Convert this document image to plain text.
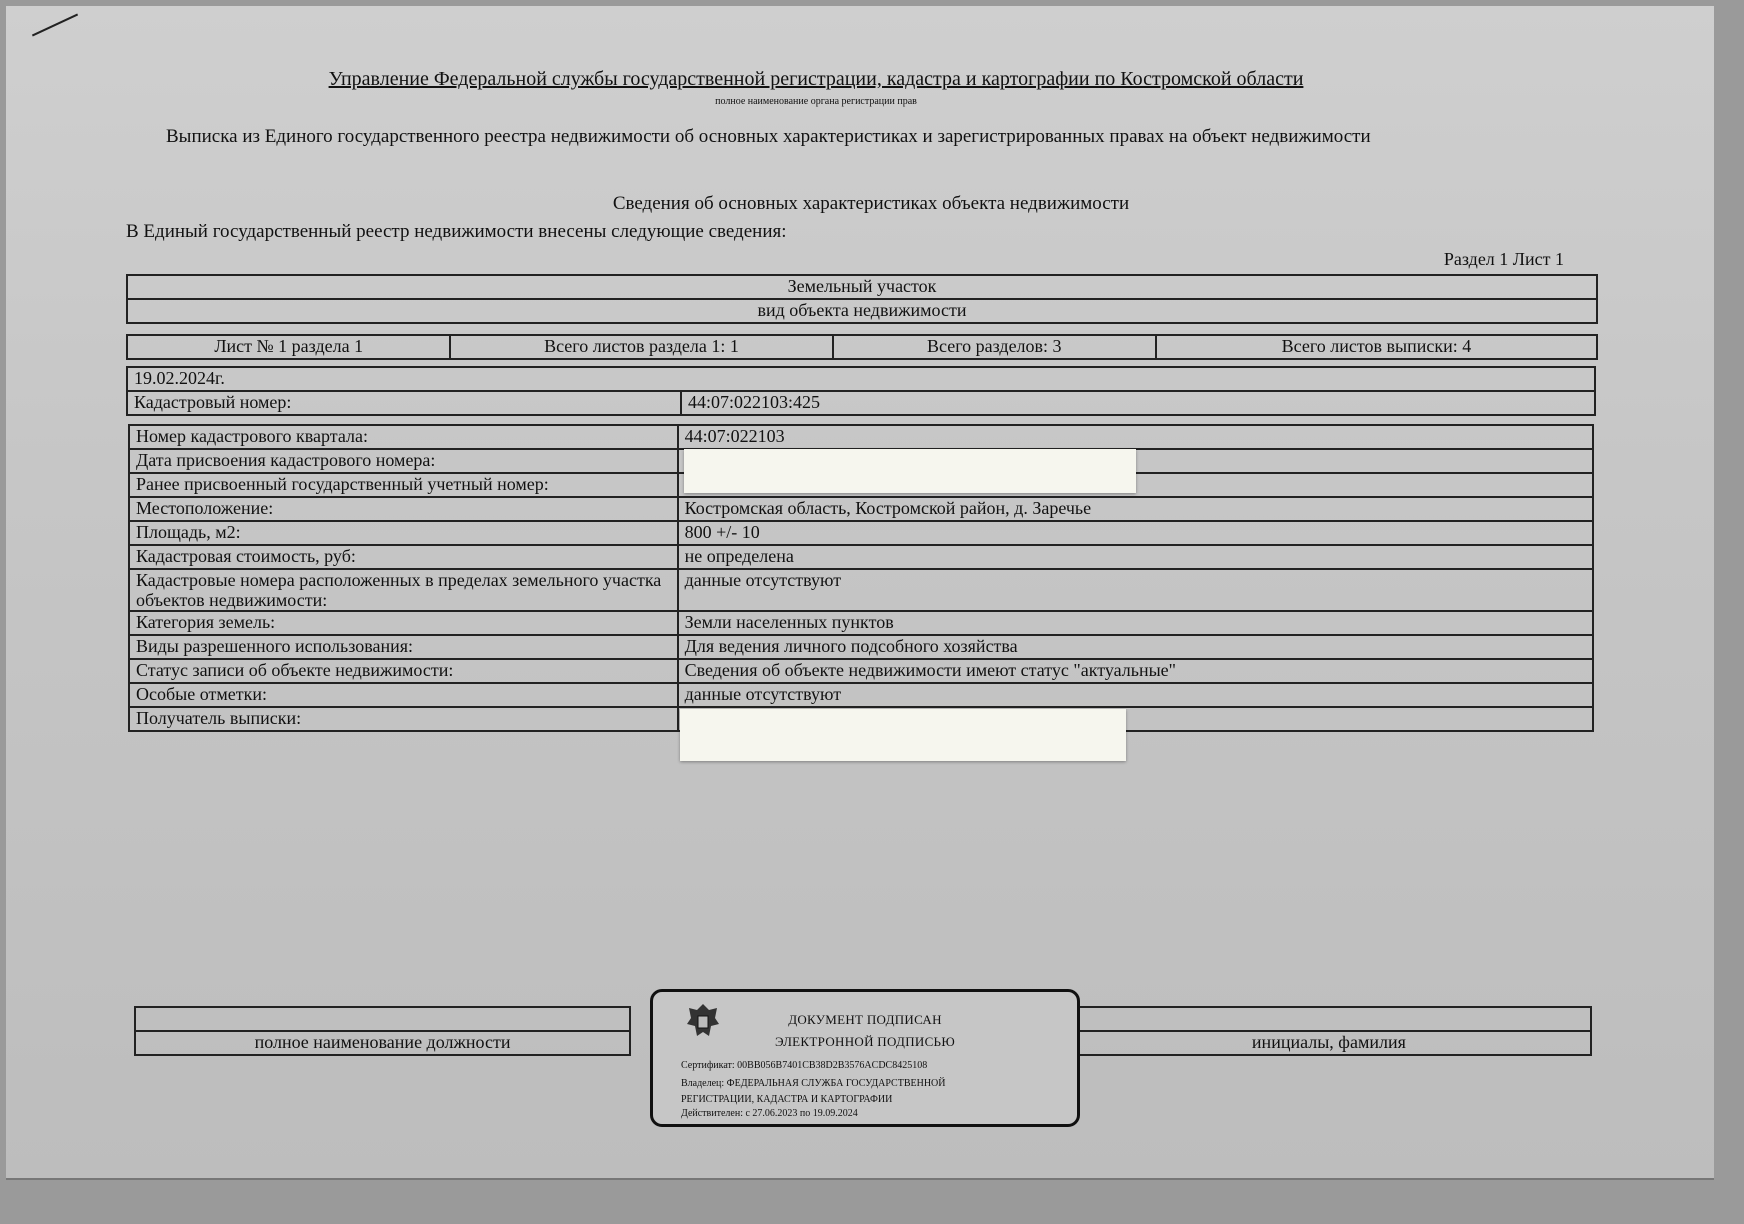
Управление Федеральной службы государственной регистрации, кадастра и картографии по Костромской области
полное наименование органа регистрации прав
Выписка из Единого государственного реестра недвижимости об основных характеристиках и зарегистрированных правах на объект недвижимости
Сведения об основных характеристиках объекта недвижимости
В Единый государственный реестр недвижимости внесены следующие сведения:
Раздел 1 Лист 1
Земельный участок
вид объекта недвижимости
Лист № 1 раздела 1	Всего листов раздела 1: 1	Всего разделов: 3	Всего листов выписки: 4
19.02.2024г.
Кадастровый номер:	44:07:022103:425
Номер кадастрового квартала:	44:07:022103
Дата присвоения кадастрового номера:	
Ранее присвоенный государственный учетный номер:	
Местоположение:	Костромская область, Костромской район, д. Заречье
Площадь, м2:	800 +/- 10
Кадастровая стоимость, руб:	не определена
Кадастровые номера расположенных в пределах земельного участка объектов недвижимости:	данные отсутствуют
Категория земель:	Земли населенных пунктов
Виды разрешенного использования:	Для ведения личного подсобного хозяйства
Статус записи об объекте недвижимости:	Сведения об объекте недвижимости имеют статус "актуальные"
Особые отметки:	данные отсутствуют
Получатель выписки:	

полное наименование должности		инициалы, фамилия
ДОКУМЕНТ ПОДПИСАН
ЭЛЕКТРОННОЙ ПОДПИСЬЮ
Сертификат: 00BB056B7401CB38D2B3576ACDC8425108
Владелец: ФЕДЕРАЛЬНАЯ СЛУЖБА ГОСУДАРСТВЕННОЙ
РЕГИСТРАЦИИ, КАДАСТРА И КАРТОГРАФИИ
Действителен: с 27.06.2023 по 19.09.2024
